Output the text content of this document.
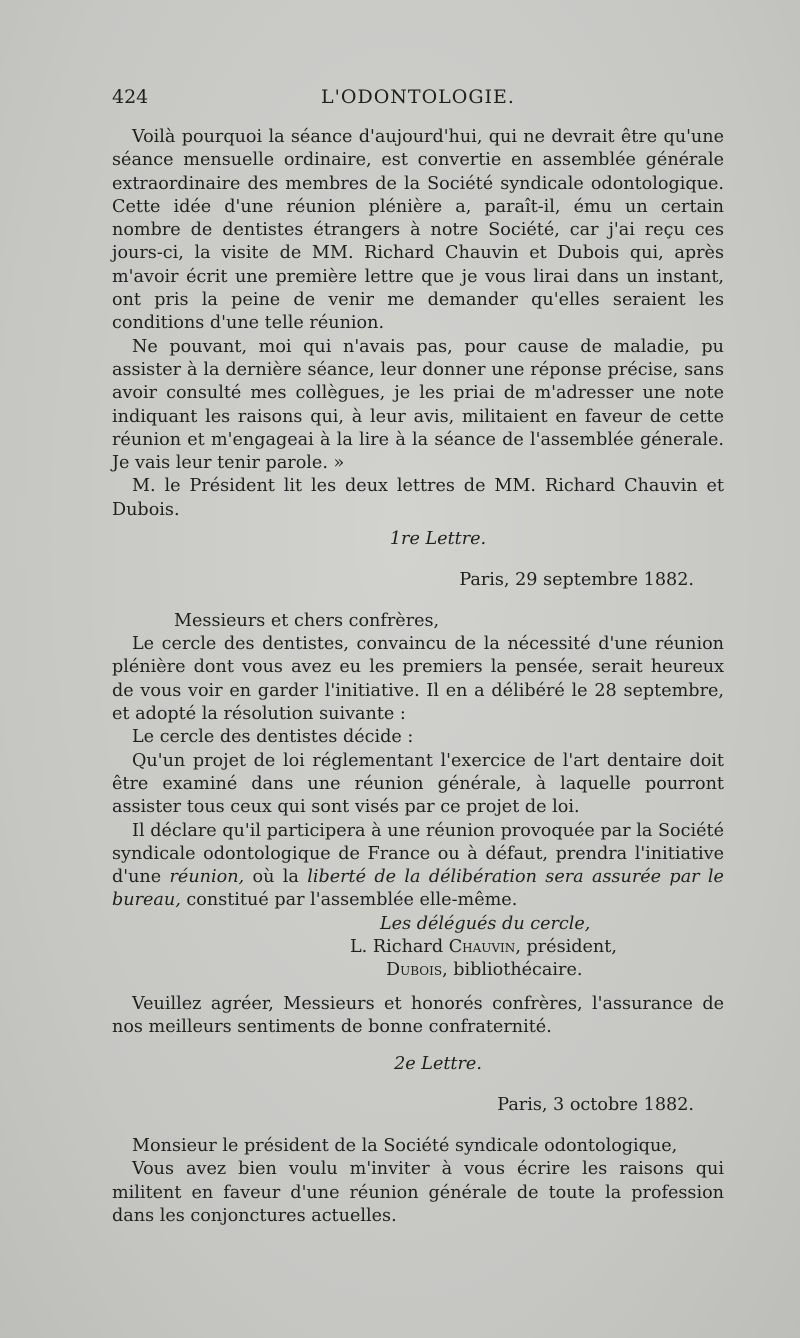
424	L'ODONTOLOGIE.

Voilà pourquoi la séance d'aujourd'hui, qui ne devrait être qu'une séance mensuelle ordinaire, est convertie en assemblée générale extraordinaire des membres de la Société syndicale odontologique. Cette idée d'une réunion plénière a, paraît-il, ému un certain nombre de dentistes étrangers à notre Société, car j'ai reçu ces jours-ci, la visite de MM. Richard Chauvin et Dubois qui, après m'avoir écrit une première lettre que je vous lirai dans un instant, ont pris la peine de venir me demander qu'elles seraient les conditions d'une telle réunion.

Ne pouvant, moi qui n'avais pas, pour cause de maladie, pu assister à la dernière séance, leur donner une réponse précise, sans avoir consulté mes collègues, je les priai de m'adresser une note indiquant les raisons qui, à leur avis, militaient en faveur de cette réunion et m'engageai à la lire à la séance de l'assemblée génerale. Je vais leur tenir parole. »

M. le Président lit les deux lettres de MM. Richard Chauvin et Dubois.

1re Lettre.

Paris, 29 septembre 1882.

Messieurs et chers confrères,

Le cercle des dentistes, convaincu de la nécessité d'une réunion plénière dont vous avez eu les premiers la pensée, serait heureux de vous voir en garder l'initiative. Il en a délibéré le 28 septembre, et adopté la résolution suivante :

Le cercle des dentistes décide :

Qu'un projet de loi réglementant l'exercice de l'art dentaire doit être examiné dans une réunion générale, à laquelle pourront assister tous ceux qui sont visés par ce projet de loi.

Il déclare qu'il participera à une réunion provoquée par la Société syndicale odontologique de France ou à défaut, prendra l'initiative d'une réunion, où la liberté de la délibération sera assurée par le bureau, constitué par l'assemblée elle-même.

Les délégués du cercle,

L. Richard Chauvin, président,

Dubois, bibliothécaire.

Veuillez agréer, Messieurs et honorés confrères, l'assurance de nos meilleurs sentiments de bonne confraternité.

2e Lettre.

Paris, 3 octobre 1882.

Monsieur le président de la Société syndicale odontologique,

Vous avez bien voulu m'inviter à vous écrire les raisons qui militent en faveur d'une réunion générale de toute la profession dans les conjonctures actuelles.
